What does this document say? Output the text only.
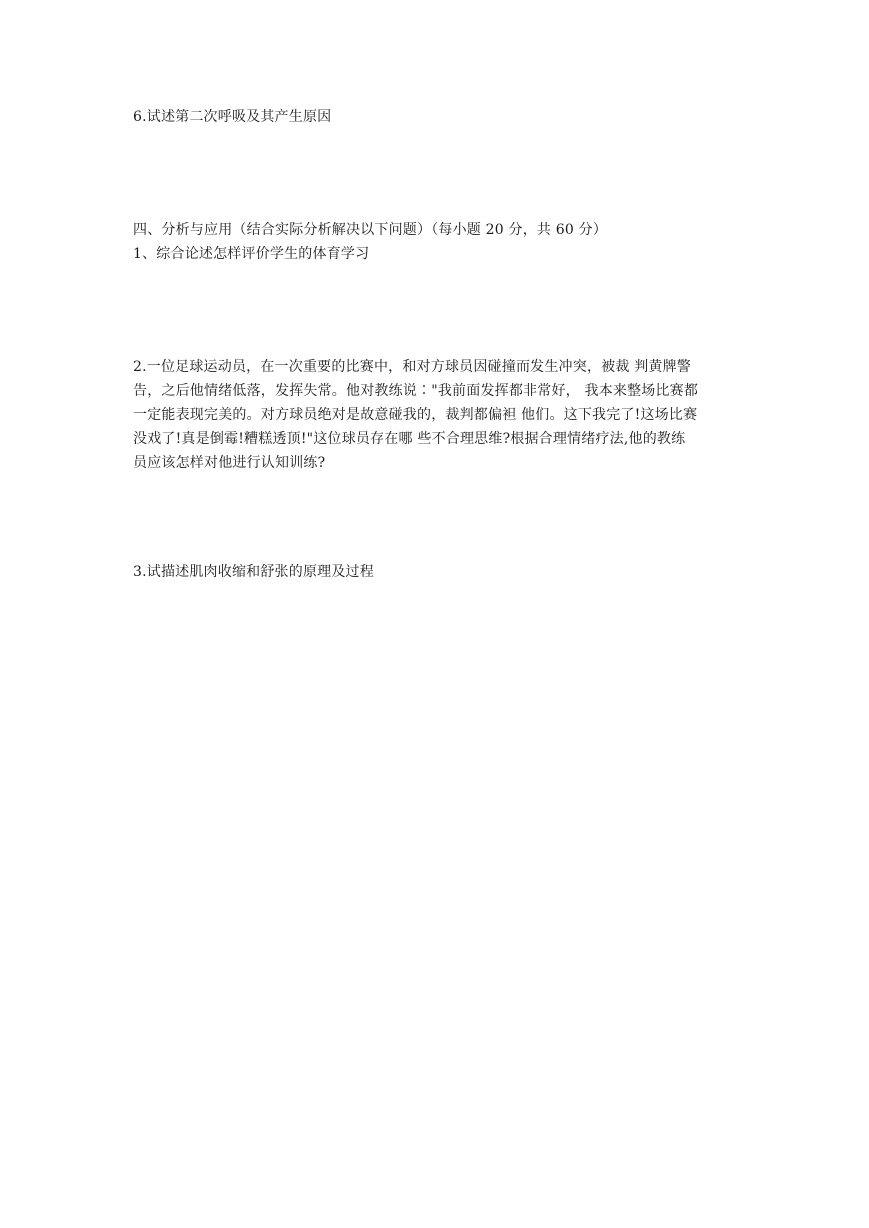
6.试述第二次呼吸及其产生原因
四、分析与应用（结合实际分析解决以下问题）（每小题 20 分，共 60 分）
1、综合论述怎样评价学生的体育学习
2.一位足球运动员，在一次重要的比赛中，和对方球员因碰撞而发生冲突，被裁 判黄牌警
告，之后他情绪低落，发挥失常。他对教练说∶"我前面发挥都非常好， 我本来整场比赛都
一定能表现完美的。对方球员绝对是故意碰我的，裁判都偏袒 他们。这下我完了!这场比赛
没戏了!真是倒霉!糟糕透顶!"这位球员存在哪 些不合理思维?根据合理情绪疗法,他的教练
员应该怎样对他进行认知训练?
3.试描述肌肉收缩和舒张的原理及过程
